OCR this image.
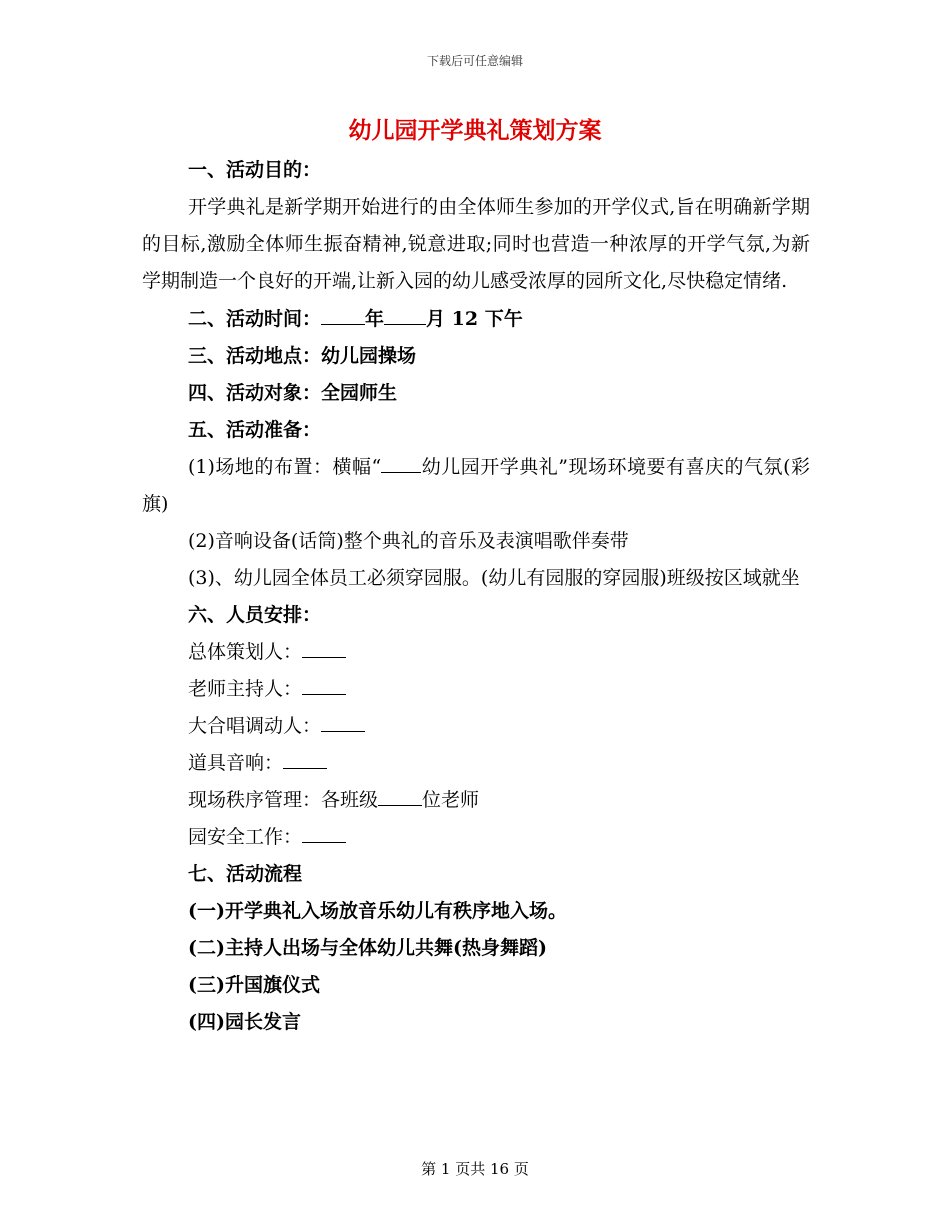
下载后可任意编辑
幼儿园开学典礼策划方案
一、活动目的：

开学典礼是新学期开始进行的由全体师生参加的开学仪式,旨在明确新学期的目标,激励全体师生振奋精神,锐意进取;同时也营造一种浓厚的开学气氛,为新学期制造一个良好的开端,让新入园的幼儿感受浓厚的园所文化,尽快稳定情绪.

二、活动时间： 年 月 12 下午
三、活动地点：幼儿园操场
四、活动对象：全园师生
五、活动准备：

(1)场地的布置：横幅“ 幼儿园开学典礼”现场环境要有喜庆的气氛(彩旗)

(2)音响设备(话筒)整个典礼的音乐及表演唱歌伴奏带

(3)、幼儿园全体员工必须穿园服。(幼儿有园服的穿园服)班级按区域就坐

六、人员安排：
总体策划人：
老师主持人：
大合唱调动人：
道具音响：
现场秩序管理：各班级 位老师
园安全工作：
七、活动流程
(一)开学典礼入场放音乐幼儿有秩序地入场。
(二)主持人出场与全体幼儿共舞(热身舞蹈)
(三)升国旗仪式
(四)园长发言
第 1 页共 16 页
